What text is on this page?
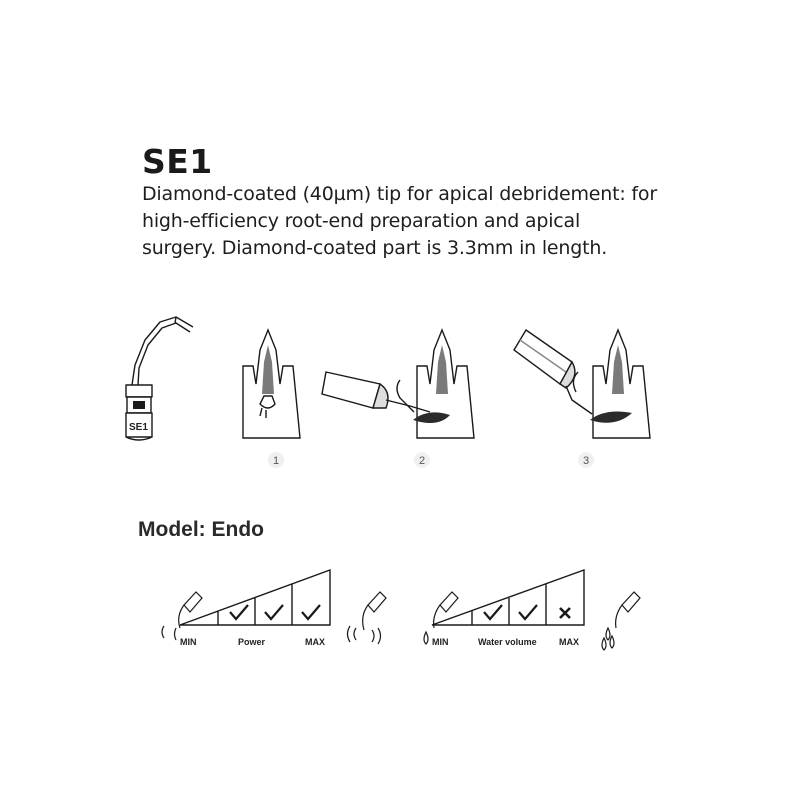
SE1
Diamond-coated (40µm) tip for apical debridement: for
high-efficiency root-end preparation and apical
surgery. Diamond-coated part is 3.3mm in length.
SE1
1	2	3
MIN	Power	MAX	MIN	Water volume MAX
Model: Endo
